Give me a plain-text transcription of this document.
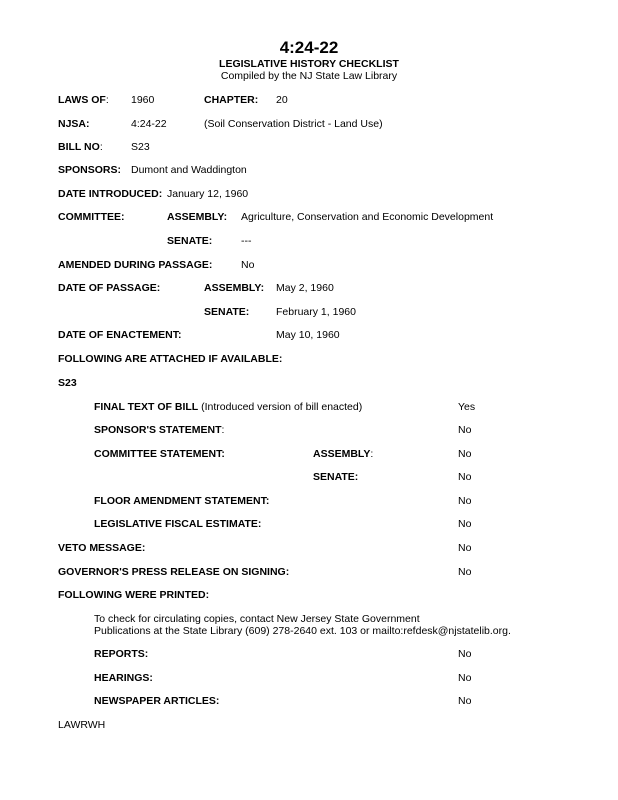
4:24-22
LEGISLATIVE HISTORY CHECKLIST
Compiled by the NJ State Law Library
LAWS OF: 1960	CHAPTER: 20
NJSA:	4:24-22	(Soil Conservation District - Land Use)
BILL NO:	S23
SPONSORS: Dumont and Waddington
DATE INTRODUCED: January 12, 1960
COMMITTEE:	ASSEMBLY: Agriculture, Conservation and Economic Development
SENATE:	---
AMENDED DURING PASSAGE:	No
DATE OF PASSAGE:	ASSEMBLY: May 2, 1960
SENATE:	February 1, 1960
DATE OF ENACTEMENT:	May 10, 1960
FOLLOWING ARE ATTACHED IF AVAILABLE:
S23
FINAL TEXT OF BILL (Introduced version of bill enacted)	Yes
SPONSOR'S STATEMENT:	No
COMMITTEE STATEMENT:	ASSEMBLY:	No
SENATE:	No
FLOOR AMENDMENT STATEMENT:	No
LEGISLATIVE FISCAL ESTIMATE:	No
VETO MESSAGE:	No
GOVERNOR'S PRESS RELEASE ON SIGNING:	No
FOLLOWING WERE PRINTED:
To check for circulating copies, contact New Jersey State Government
Publications at the State Library (609) 278-2640 ext. 103 or mailto:refdesk@njstatelib.org.
REPORTS:	No
HEARINGS:	No
NEWSPAPER ARTICLES:	No
LAWRWH
